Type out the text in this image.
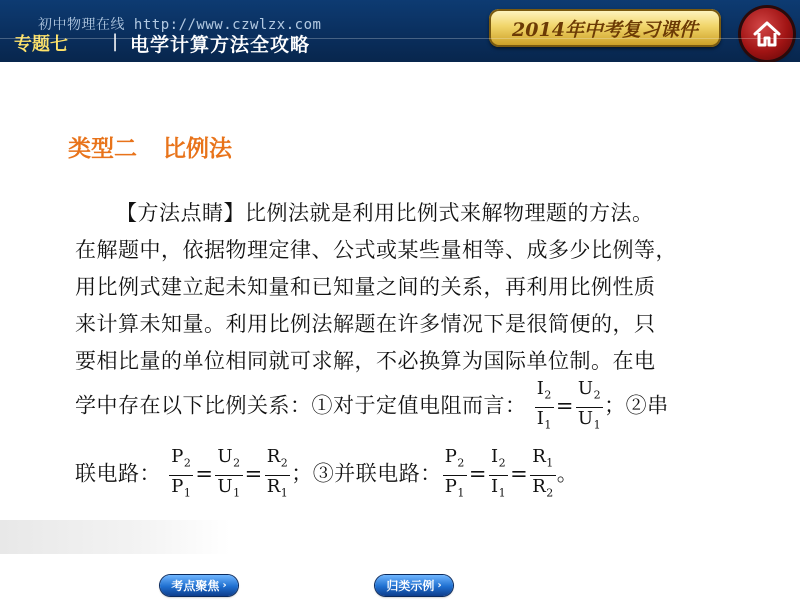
初中物理在线 http://www.czwlzx.com
专题七 | 电学计算方法全攻略
2014年中考复习课件
类型二 比例法
【方法点睛】比例法就是利用比例式来解物理题的方法。
在解题中，依据物理定律、公式或某些量相等、成多少比例等，
用比例式建立起未知量和已知量之间的关系，再利用比例性质
来计算未知量。利用比例法解题在许多情况下是很简便的，只
要相比量的单位相同就可求解，不必换算为国际单位制。在电
学中存在以下比例关系：①对于定值电阻而言： $\frac{I_2}{I_1} = \frac{U_2}{U_1}$ ；②串
联电路： $\frac{P_2}{P_1} = \frac{U_2}{U_1} = \frac{R_2}{R_1}$ ；③并联电路： $\frac{P_2}{P_1} = \frac{I_2}{I_1} = \frac{R_1}{R_2}$ 。
考点聚焦 ›	归类示例 ›
